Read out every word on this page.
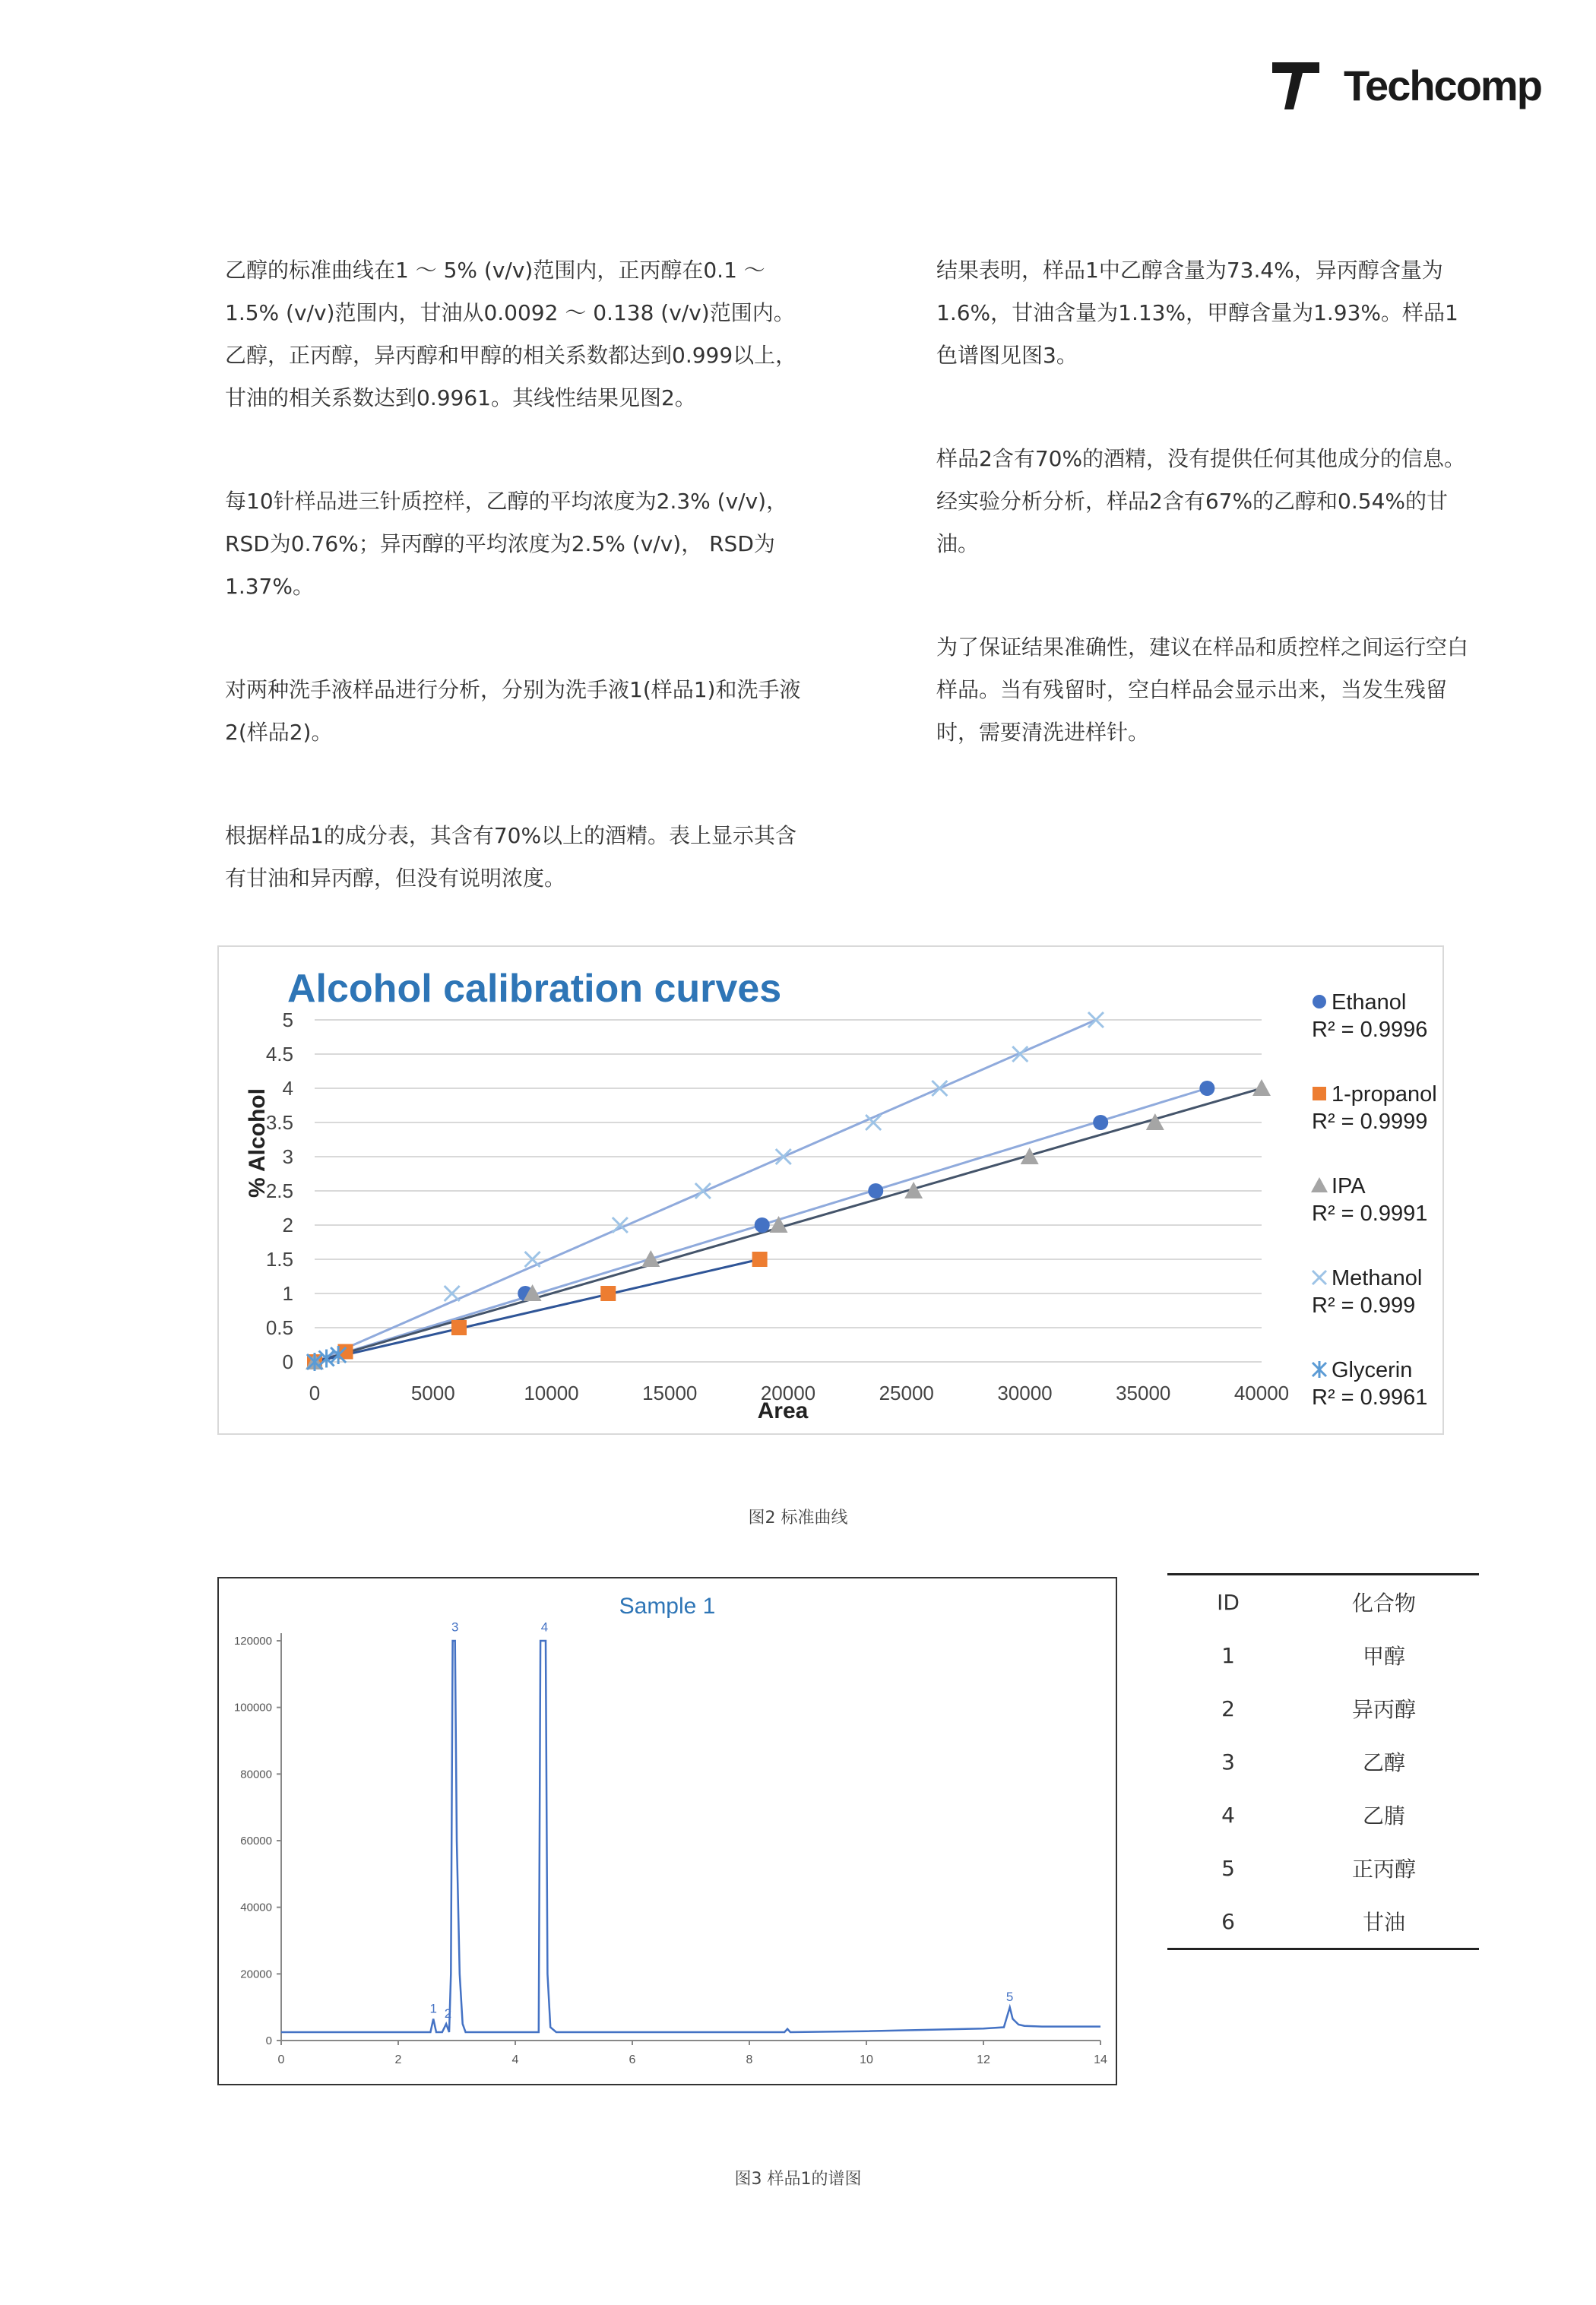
Techcomp

乙醇的标准曲线在1 ～ 5% (v/v)范围内，正丙醇在0.1 ～ 1.5% (v/v)范围内，甘油从0.0092 ～ 0.138 (v/v)范围内。乙醇，正丙醇，异丙醇和甲醇的相关系数都达到0.999以上，甘油的相关系数达到0.9961。其线性结果见图2。

每10针样品进三针质控样，乙醇的平均浓度为2.3% (v/v)， RSD为0.76%；异丙醇的平均浓度为2.5% (v/v)， RSD为1.37%。

对两种洗手液样品进行分析，分别为洗手液1(样品1)和洗手液2(样品2)。

根据样品1的成分表，其含有70%以上的酒精。表上显示其含有甘油和异丙醇，但没有说明浓度。

结果表明，样品1中乙醇含量为73.4%，异丙醇含量为1.6%，甘油含量为1.13%，甲醇含量为1.93%。样品1色谱图见图3。

样品2含有70%的酒精，没有提供任何其他成分的信息。经实验分析分析，样品2含有67%的乙醇和0.54%的甘油。

为了保证结果准确性，建议在样品和质控样之间运行空白样品。当有残留时，空白样品会显示出来，当发生残留时，需要清洗进样针。

Alcohol calibration curves
% Alcohol
Area
0
0.5
1
1.5
2
2.5
3
3.5
4
4.5
5
0	5000	10000	15000	20000	25000	30000	35000	40000
Ethanol
R² = 0.9996
1-propanol
R² = 0.9999
IPA
R² = 0.9991
Methanol
R² = 0.999
Glycerin
R² = 0.9961
图2 标准曲线
Sample 1
0
20000
40000
60000
80000
100000
120000
0	2	4	6	8	10	12	14
1 2
3	4
5
ID	化合物
1	甲醇
2	异丙醇
3	乙醇
4	乙腈
5	正丙醇
6	甘油
图3 样品1的谱图
